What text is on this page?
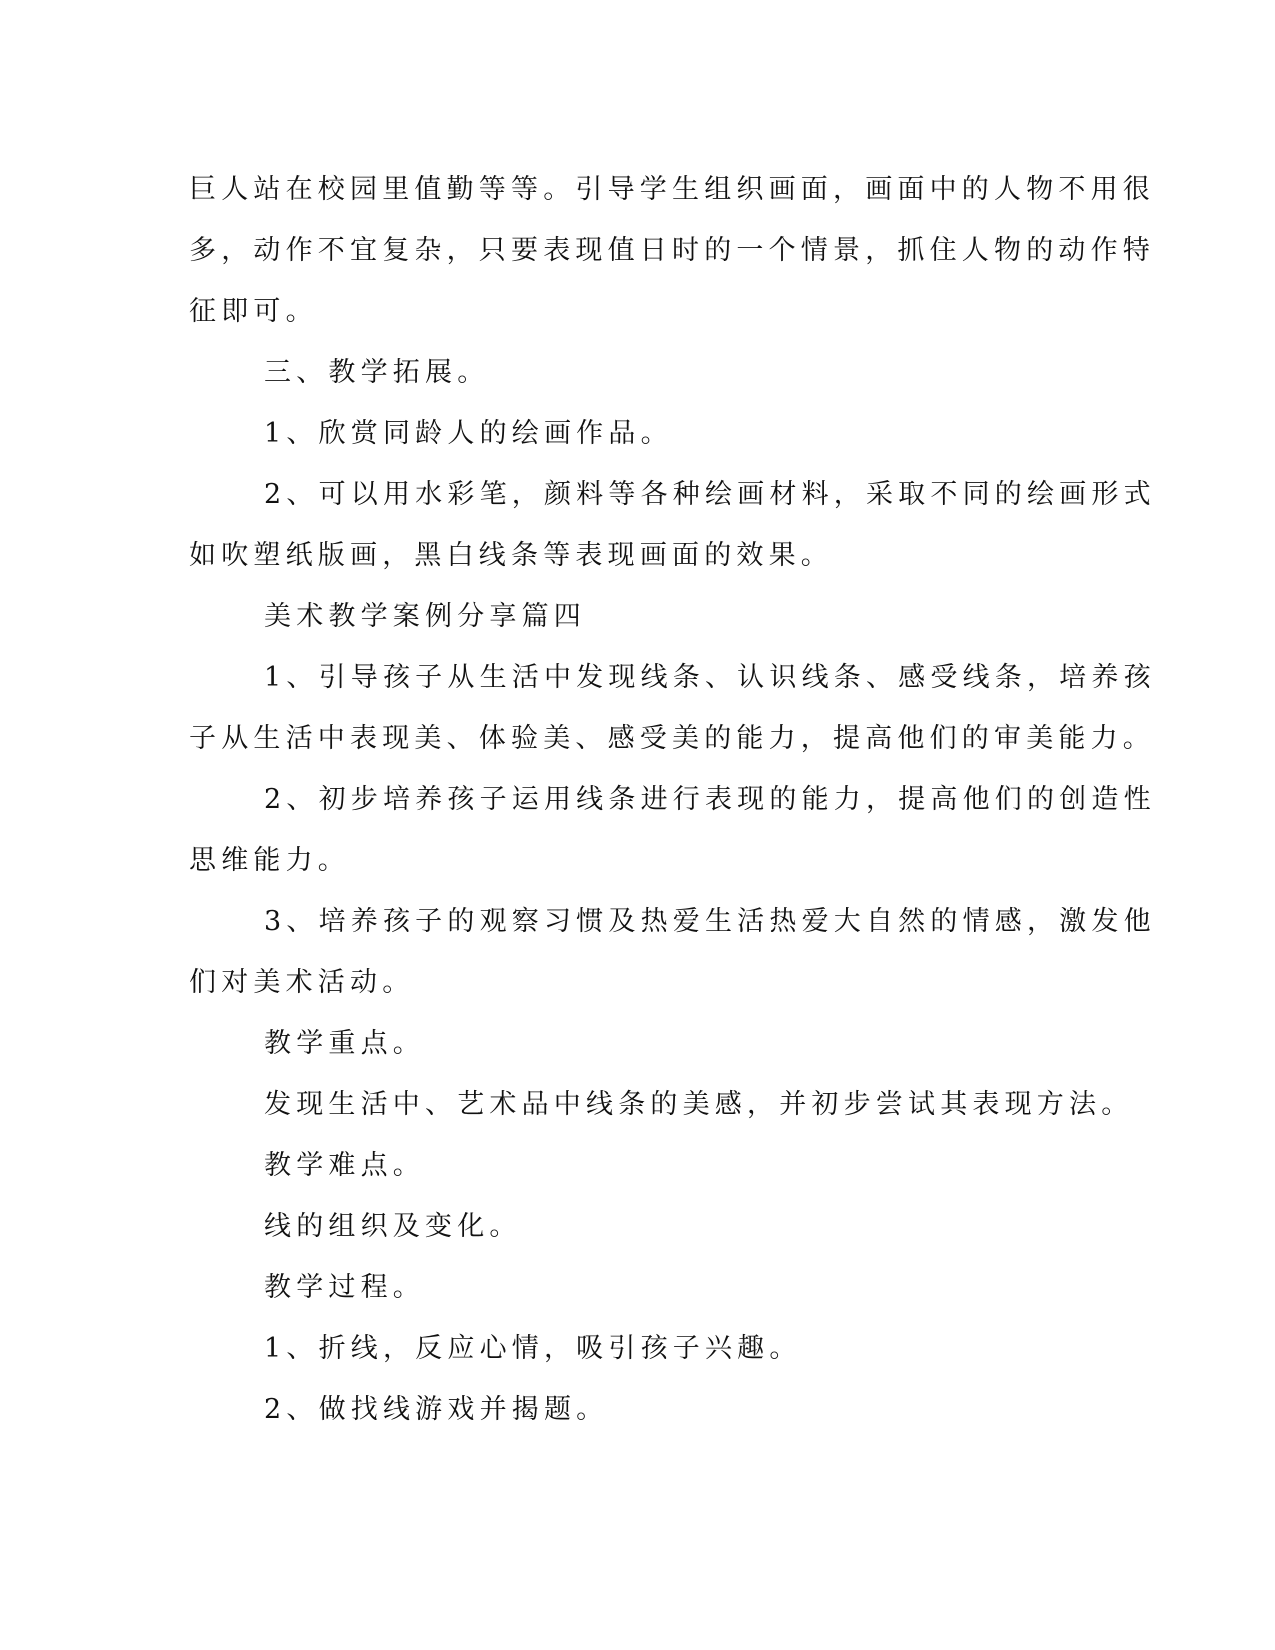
巨人站在校园里值勤等等。引导学生组织画面，画面中的人物不用很
多，动作不宜复杂，只要表现值日时的一个情景，抓住人物的动作特
征即可。
三、教学拓展。
1、欣赏同龄人的绘画作品。
2、可以用水彩笔，颜料等各种绘画材料，采取不同的绘画形式
如吹塑纸版画，黑白线条等表现画面的效果。
美术教学案例分享篇四
1、引导孩子从生活中发现线条、认识线条、感受线条，培养孩
子从生活中表现美、体验美、感受美的能力，提高他们的审美能力。
2、初步培养孩子运用线条进行表现的能力，提高他们的创造性
思维能力。
3、培养孩子的观察习惯及热爱生活热爱大自然的情感，激发他
们对美术活动。
教学重点。
发现生活中、艺术品中线条的美感，并初步尝试其表现方法。
教学难点。
线的组织及变化。
教学过程。
1、折线，反应心情，吸引孩子兴趣。
2、做找线游戏并揭题。
